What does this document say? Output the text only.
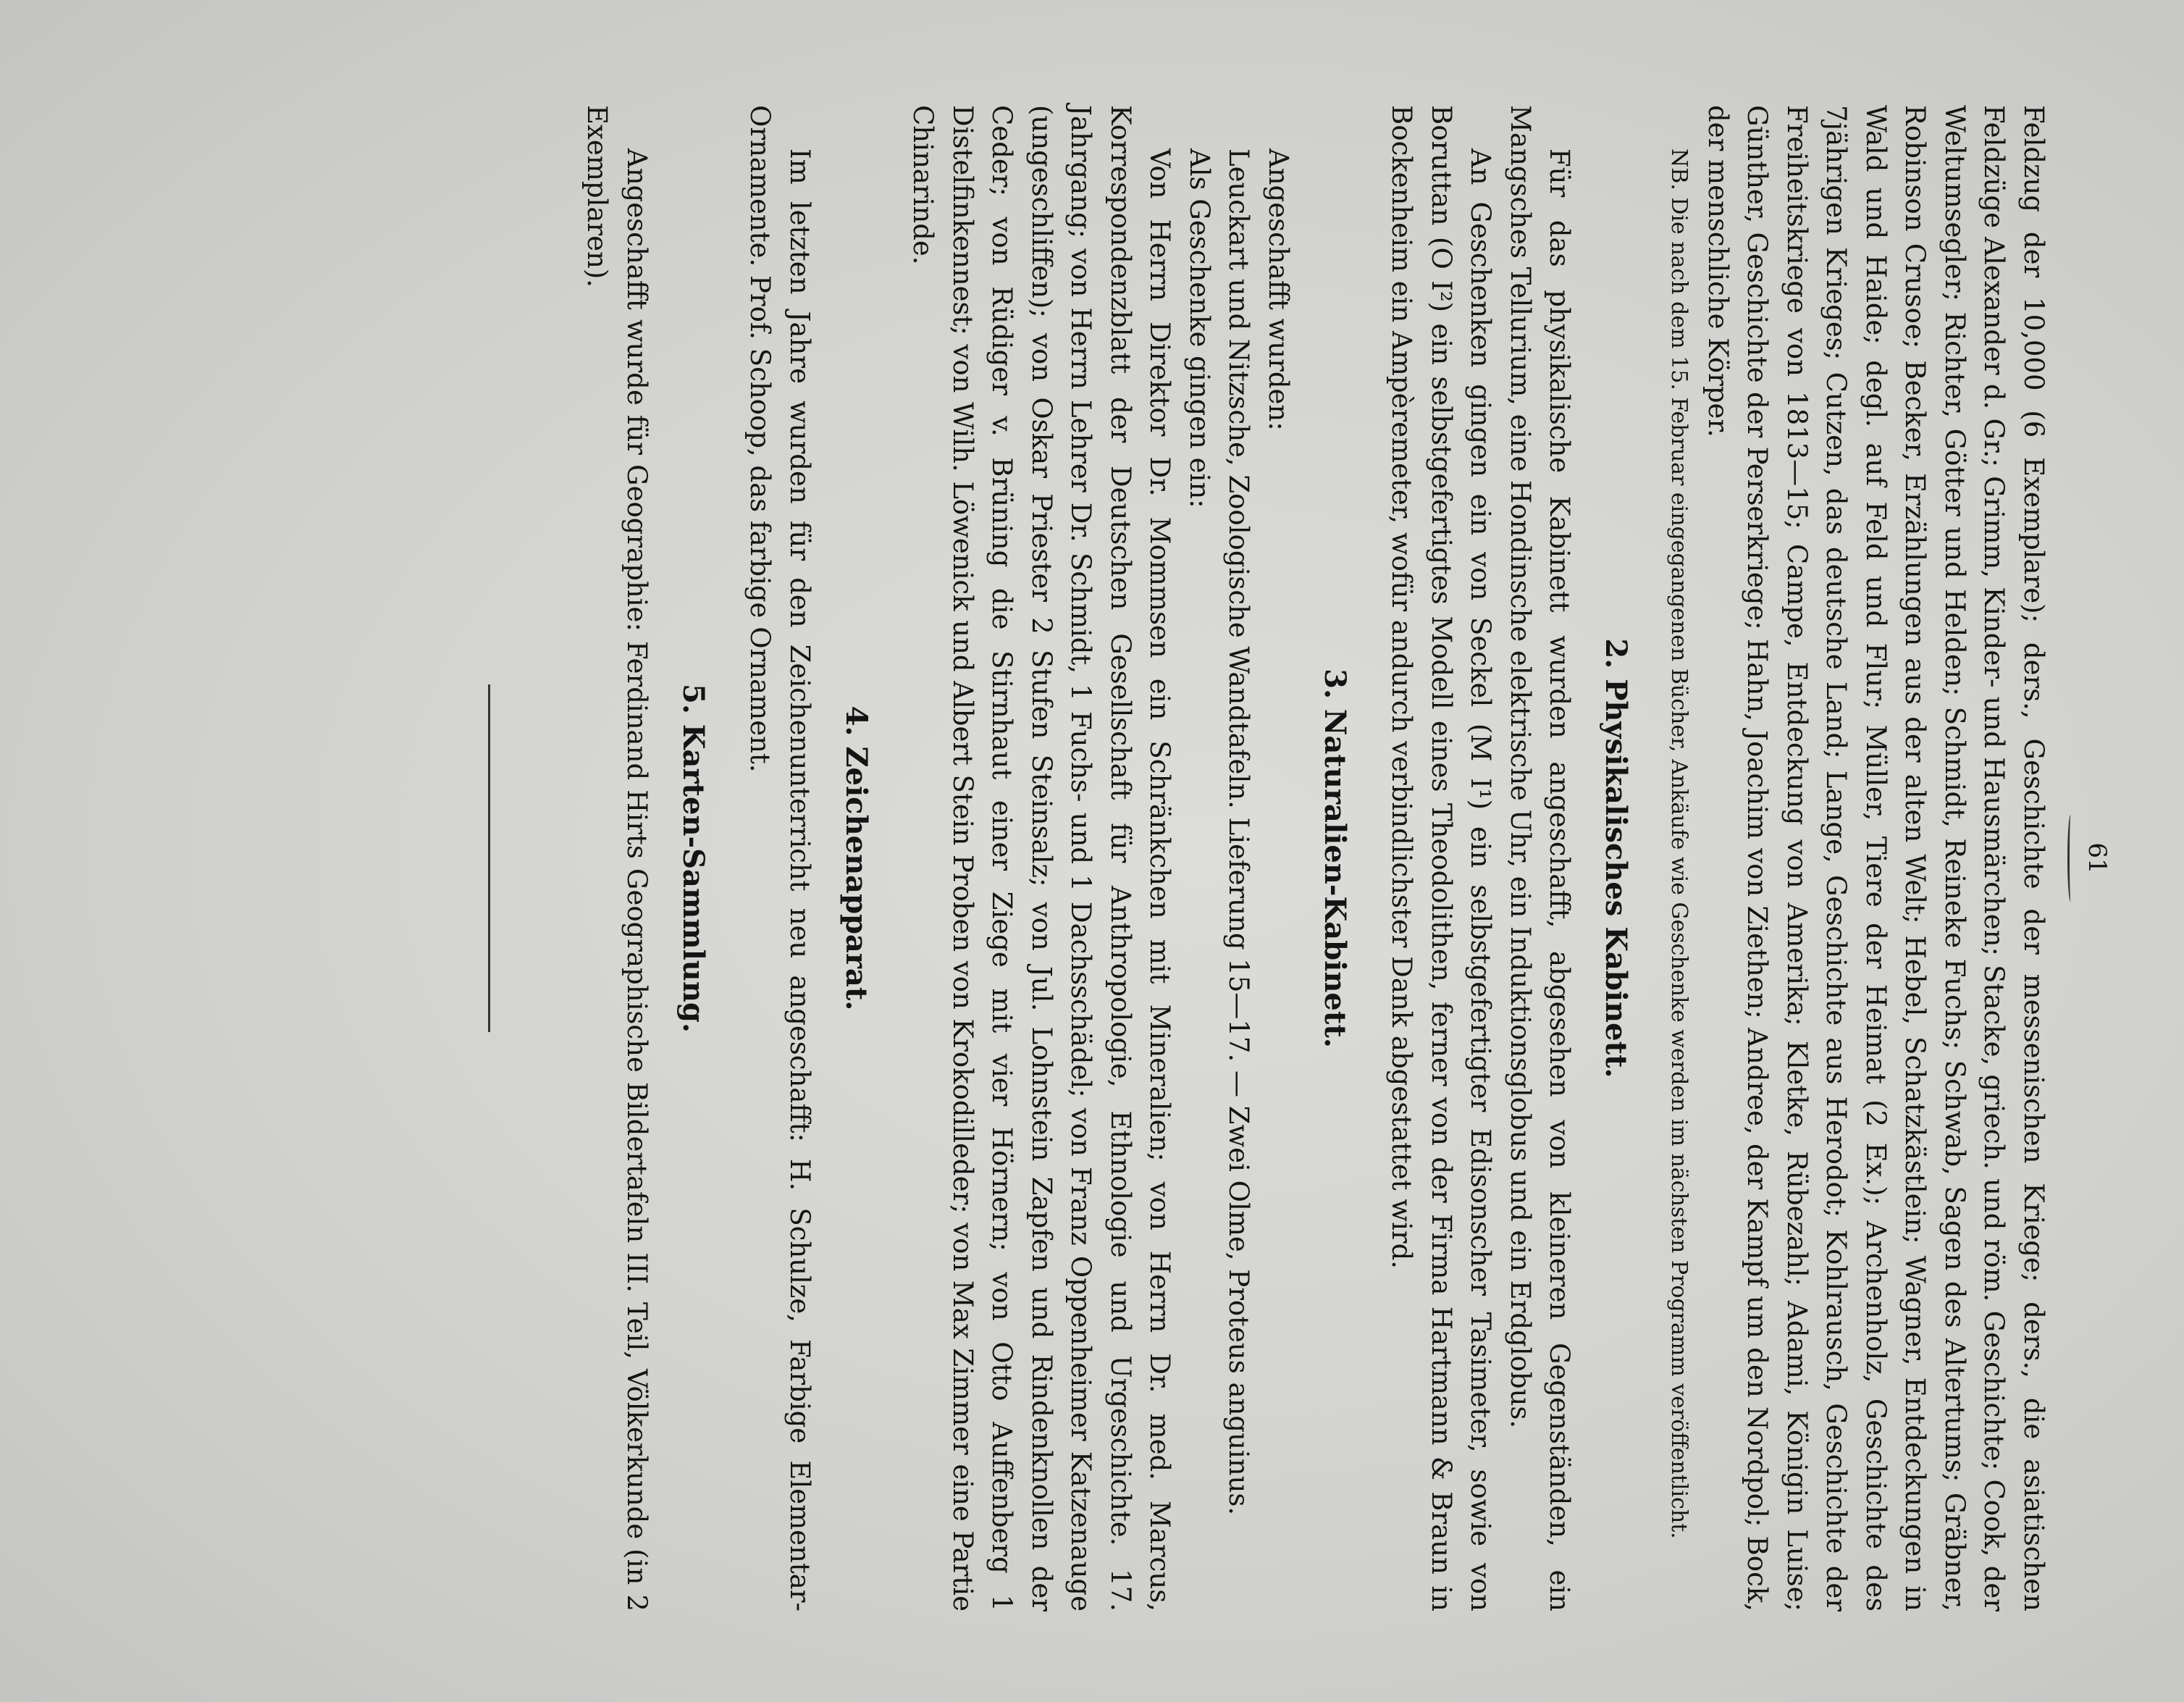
61

Feldzug der 10,000 (6 Exemplare); ders., Geschichte der messenischen Kriege; ders., die asiatischen Feldzüge Alexander d. Gr.; Grimm, Kinder- und Hausmärchen; Stacke, griech. und röm. Geschichte; Cook, der Weltumsegler; Richter, Götter und Helden; Schmidt, Reineke Fuchs; Schwab, Sagen des Altertums; Gräbner, Robinson Crusoe; Becker, Erzählungen aus der alten Welt; Hebel, Schatzkästlein; Wagner, Entdeckungen in Wald und Haide; degl. auf Feld und Flur; Müller, Tiere der Heimat (2 Ex.); Archenholz, Geschichte des 7jährigen Krieges; Cutzen, das deutsche Land; Lange, Geschichte aus Herodot; Kohlrausch, Geschichte der Freiheitskriege von 1813—15; Campe, Entdeckung von Amerika; Kletke, Rübezahl; Adami, Königin Luise; Günther, Geschichte der Perserkriege; Hahn, Joachim von Ziethen; Andree, der Kampf um den Nordpol; Bock, der menschliche Körper.

NB. Die nach dem 15. Februar eingegangenen Bücher, Ankäufe wie Geschenke werden im nächsten Programm veröffentlicht.

2. Physikalisches Kabinett.

Für das physikalische Kabinett wurden angeschafft, abgesehen von kleineren Gegenständen, ein Mangsches Tellurium, eine Hondinsche elektrische Uhr, ein Induktionsglobus und ein Erdglobus.

An Geschenken gingen ein von Seckel (M I¹) ein selbstgefertigter Edisonscher Tasimeter, sowie von Boruttan (O I²) ein selbstgefertigtes Modell eines Theodolithen, ferner von der Firma Hartmann & Braun in Bockenheim ein Ampèremeter, wofür andurch verbindlichster Dank abgestattet wird.

3. Naturalien-Kabinett.

Angeschafft wurden:

Leuckart und Nitzsche, Zoologische Wandtafeln. Lieferung 15—17. — Zwei Olme, Proteus anguinus.

Als Geschenke gingen ein:

Von Herrn Direktor Dr. Mommsen ein Schränkchen mit Mineralien; von Herrn Dr. med. Marcus, Korrespondenzblatt der Deutschen Gesellschaft für Anthropologie, Ethnologie und Urgeschichte. 17. Jahrgang; von Herrn Lehrer Dr. Schmidt, 1 Fuchs- und 1 Dachsschädel; von Franz Oppenheimer Katzenauge (ungeschliffen); von Oskar Priester 2 Stufen Steinsalz; von Jul. Lohnstein Zapfen und Rindenknollen der Ceder; von Rüdiger v. Brüning die Stirnhaut einer Ziege mit vier Hörnern; von Otto Auffenberg 1 Distelfinkennest; von Wilh. Löwenick und Albert Stein Proben von Krokodilleder; von Max Zimmer eine Partie Chinarinde.

4. Zeichenapparat.

Im letzten Jahre wurden für den Zeichenunterricht neu angeschafft: H. Schulze, Farbige Elementar-Ornamente. Prof. Schoop, das farbige Ornament.

5. Karten-Sammlung.

Angeschafft wurde für Geographie: Ferdinand Hirts Geographische Bildertafeln III. Teil, Völkerkunde (in 2 Exemplaren).
